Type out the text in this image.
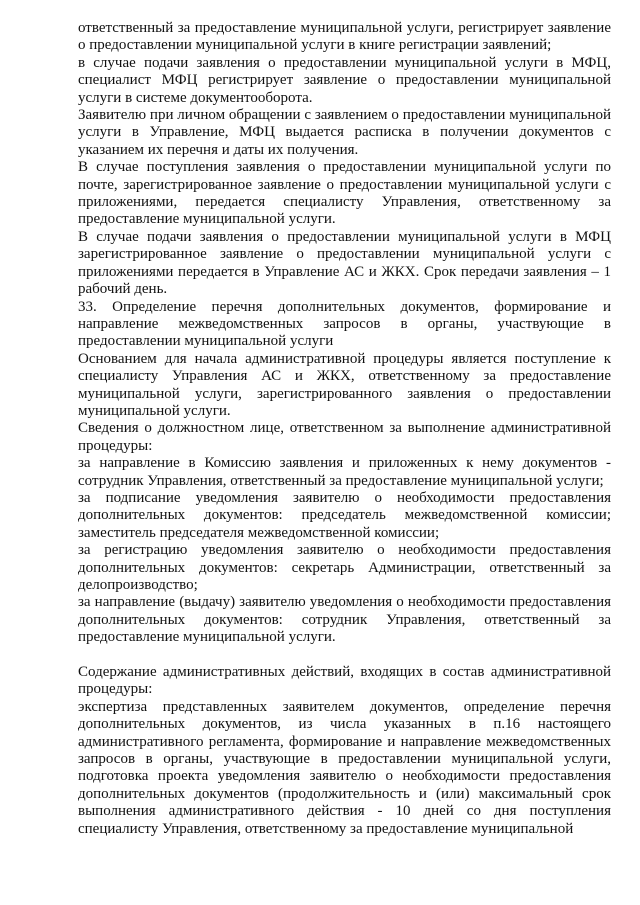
ответственный за предоставление муниципальной услуги, регистрирует заявление о предоставлении муниципальной услуги в книге регистрации заявлений;

в случае подачи заявления о предоставлении муниципальной услуги в МФЦ, специалист МФЦ регистрирует заявление о предоставлении муниципальной услуги в системе документооборота.

Заявителю при личном обращении с заявлением о предоставлении муниципальной услуги в Управление, МФЦ выдается расписка в получении документов с указанием их перечня и даты их получения.

В случае поступления заявления о предоставлении муниципальной услуги по почте, зарегистрированное заявление о предоставлении муниципальной услуги с приложениями, передается специалисту Управления, ответственному за предоставление муниципальной услуги.

В случае подачи заявления о предоставлении муниципальной услуги в МФЦ зарегистрированное заявление о предоставлении муниципальной услуги с приложениями передается в Управление АС и ЖКХ. Срок передачи заявления – 1 рабочий день.

33. Определение перечня дополнительных документов, формирование и направление межведомственных запросов в органы, участвующие в предоставлении муниципальной услуги

Основанием для начала административной процедуры является поступление к специалисту Управления АС и ЖКХ, ответственному за предоставление муниципальной услуги, зарегистрированного заявления о предоставлении муниципальной услуги.

Сведения о должностном лице, ответственном за выполнение административной процедуры:

за направление в Комиссию заявления и приложенных к нему документов - сотрудник Управления, ответственный за предоставление муниципальной услуги;

за подписание уведомления заявителю о необходимости предоставления дополнительных документов: председатель межведомственной комиссии; заместитель председателя межведомственной комиссии;

за регистрацию уведомления заявителю о необходимости предоставления дополнительных документов: секретарь Администрации, ответственный за делопроизводство;

за направление (выдачу) заявителю уведомления о необходимости предоставления дополнительных документов: сотрудник Управления, ответственный за предоставление муниципальной услуги.

Содержание административных действий, входящих в состав административной процедуры:

экспертиза представленных заявителем документов, определение перечня дополнительных документов, из числа указанных в п.16 настоящего административного регламента, формирование и направление межведомственных запросов в органы, участвующие в предоставлении муниципальной услуги, подготовка проекта уведомления заявителю о необходимости предоставления дополнительных документов (продолжительность и (или) максимальный срок выполнения административного действия - 10 дней со дня поступления специалисту Управления, ответственному за предоставление муниципальной
